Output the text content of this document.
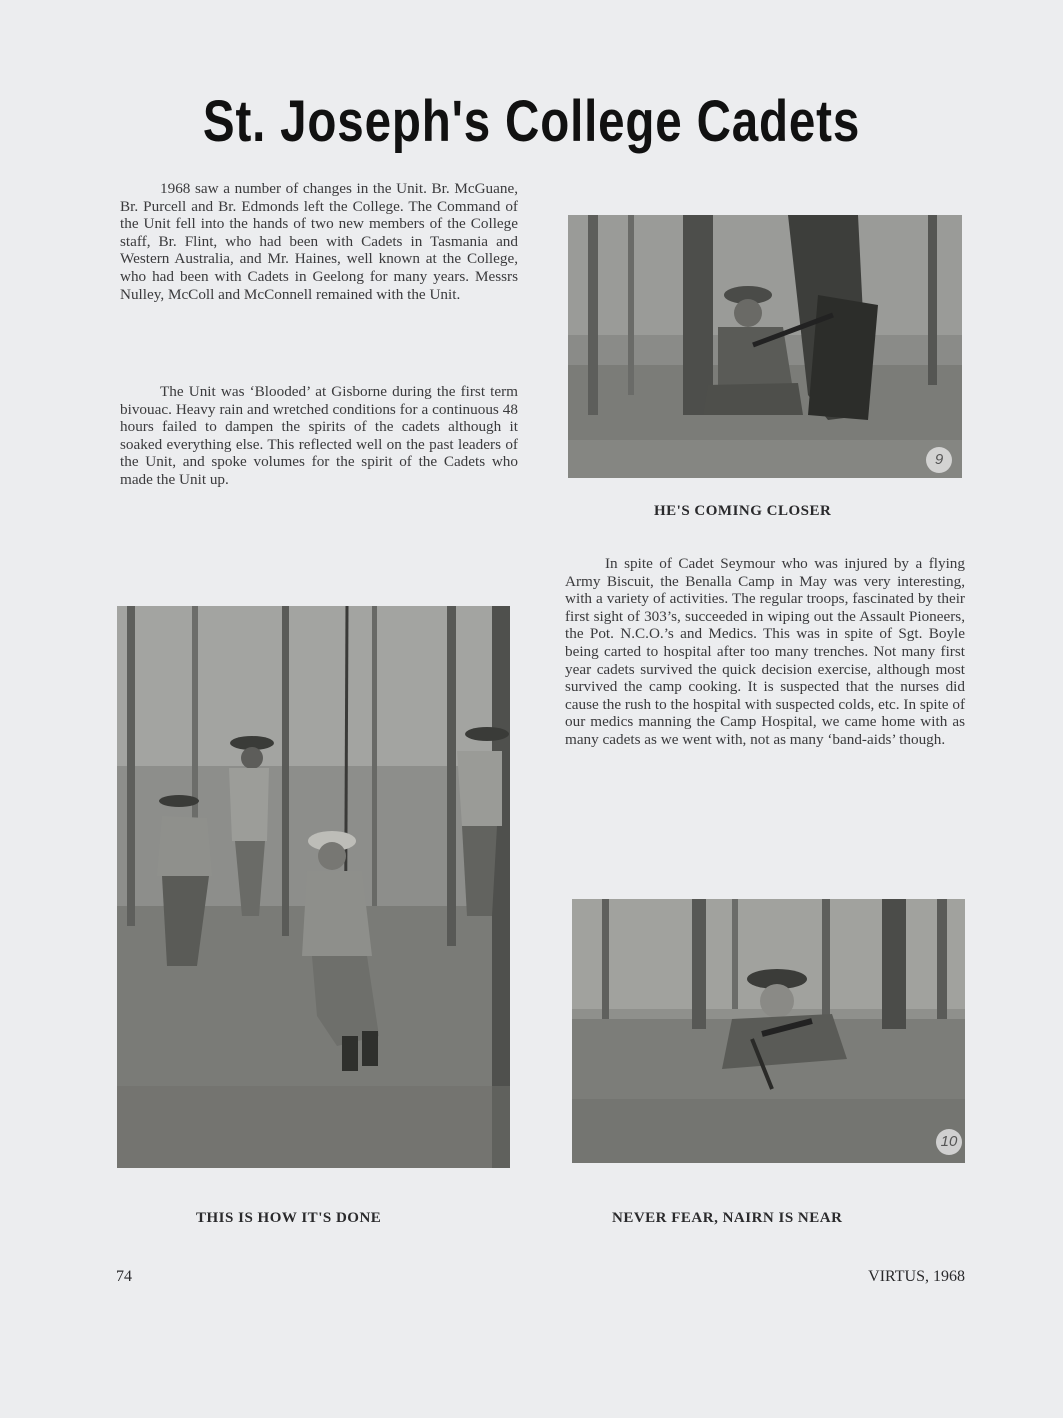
St. Joseph's College Cadets

1968 saw a number of changes in the Unit. Br. McGuane, Br. Purcell and Br. Edmonds left the College. The Command of the Unit fell into the hands of two new members of the College staff, Br. Flint, who had been with Cadets in Tasmania and Western Australia, and Mr. Haines, well known at the College, who had been with Cadets in Geelong for many years. Messrs Nulley, McColl and McConnell remained with the Unit.

The Unit was ‘Blooded’ at Gisborne during the first term bivouac. Heavy rain and wretched conditions for a continuous 48 hours failed to dampen the spirits of the cadets although it soaked everything else. This reflected well on the past leaders of the Unit, and spoke volumes for the spirit of the Cadets who made the Unit up.

9
HE'S COMING CLOSER

In spite of Cadet Seymour who was injured by a flying Army Biscuit, the Benalla Camp in May was very interesting, with a variety of activities. The regular troops, fascinated by their first sight of 303’s, succeeded in wiping out the Assault Pioneers, the Pot. N.C.O.’s and Medics. This was in spite of Sgt. Boyle being carted to hospital after too many trenches. Not many first year cadets survived the quick decision exercise, although most survived the camp cooking. It is suspected that the nurses did cause the rush to the hospital with suspected colds, etc. In spite of our medics manning the Camp Hospital, we came home with as many cadets as we went with, not as many ‘band-aids’ though.

THIS IS HOW IT'S DONE
10
NEVER FEAR, NAIRN IS NEAR
74	VIRTUS, 1968
